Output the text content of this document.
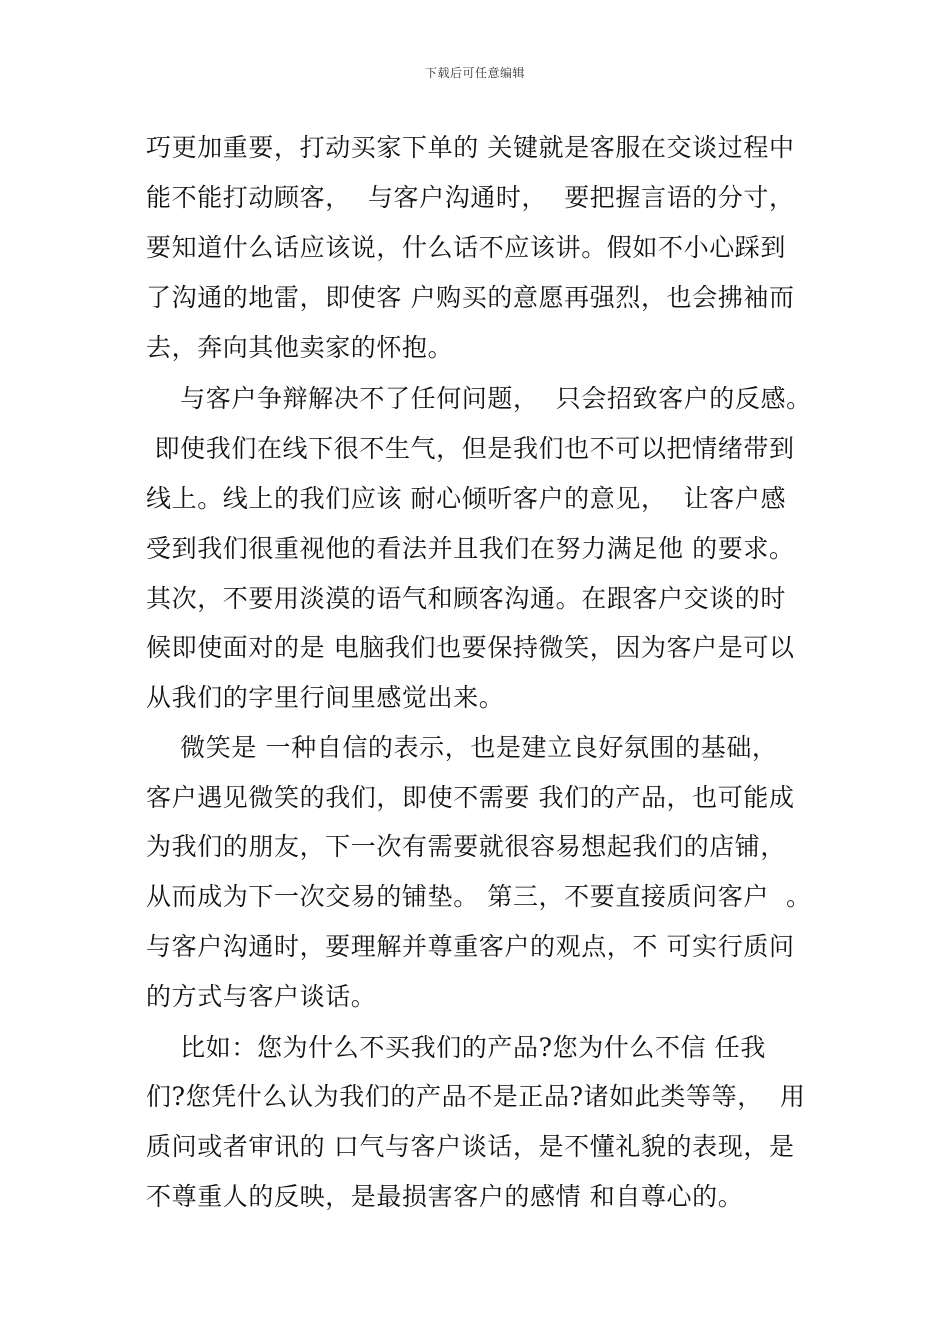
下载后可任意编辑
巧更加重要，打动买家下单的 关键就是客服在交谈过程中
能不能打动顾客，  与客户沟通时，  要把握言语的分寸，
要知道什么话应该说，什么话不应该讲。假如不小心踩到
了沟通的地雷，即使客 户购买的意愿再强烈，也会拂袖而
去，奔向其他卖家的怀抱。
与客户争辩解决不了任何问题，  只会招致客户的反感。
即使我们在线下很不生气，但是我们也不可以把情绪带到
线上。线上的我们应该 耐心倾听客户的意见，  让客户感
受到我们很重视他的看法并且我们在努力满足他 的要求。
其次，不要用淡漠的语气和顾客沟通。在跟客户交谈的时
候即使面对的是 电脑我们也要保持微笑，因为客户是可以
从我们的字里行间里感觉出来。
微笑是 一种自信的表示，也是建立良好氛围的基础，
客户遇见微笑的我们，即使不需要 我们的产品，也可能成
为我们的朋友，下一次有需要就很容易想起我们的店铺，
从而成为下一次交易的铺垫。 第三，不要直接质问客户  。
与客户沟通时，要理解并尊重客户的观点，不 可实行质问
的方式与客户谈话。
比如：您为什么不买我们的产品?您为什么不信 任我
们?您凭什么认为我们的产品不是正品?诸如此类等等，  用
质问或者审讯的 口气与客户谈话，是不懂礼貌的表现，是
不尊重人的反映，是最损害客户的感情 和自尊心的。
